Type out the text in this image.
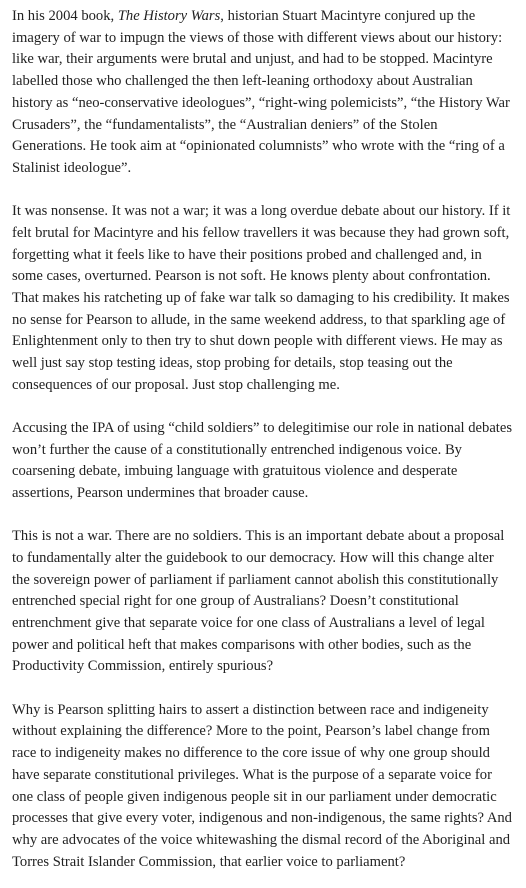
In his 2004 book, The History Wars, historian Stuart Macintyre conjured up the imagery of war to impugn the views of those with different views about our history: like war, their arguments were brutal and unjust, and had to be stopped. Macintyre labelled those who challenged the then left-leaning orthodoxy about Australian history as “neo-conservative ideologues”, “right-wing polemicists”, “the History War Crusaders”, the “fundamentalists”, the “Australian deniers” of the Stolen Generations. He took aim at “opinionated columnists” who wrote with the “ring of a Stalinist ideologue”.

It was nonsense. It was not a war; it was a long overdue debate about our history. If it felt brutal for Macintyre and his fellow travellers it was because they had grown soft, forgetting what it feels like to have their positions probed and challenged and, in some cases, overturned. Pearson is not soft. He knows plenty about confrontation. That makes his ratcheting up of fake war talk so damaging to his credibility. It makes no sense for Pearson to allude, in the same weekend address, to that sparkling age of Enlightenment only to then try to shut down people with different views. He may as well just say stop testing ideas, stop probing for details, stop teasing out the consequences of our proposal. Just stop challenging me.

Accusing the IPA of using “child soldiers” to delegitimise our role in national debates won’t further the cause of a constitutionally entrenched indigenous voice. By coarsening debate, imbuing language with gratuitous violence and desperate assertions, Pearson undermines that broader cause.

This is not a war. There are no soldiers. This is an important debate about a proposal to fundamentally alter the guidebook to our democracy. How will this change alter the sovereign power of parliament if parliament cannot abolish this constitutionally entrenched special right for one group of Australians? Doesn’t constitutional entrenchment give that separate voice for one class of Australians a level of legal power and political heft that makes comparisons with other bodies, such as the Productivity Commission, entirely spurious?

Why is Pearson splitting hairs to assert a distinction between race and indigeneity without explaining the difference? More to the point, Pearson’s label change from race to indigeneity makes no difference to the core issue of why one group should have separate constitutional privileges. What is the purpose of a separate voice for one class of people given indigenous people sit in our parliament under democratic processes that give every voter, indigenous and non-indigenous, the same rights? And why are advocates of the voice whitewashing the dismal record of the Aboriginal and Torres Strait Islander Commission, that earlier voice to parliament?
